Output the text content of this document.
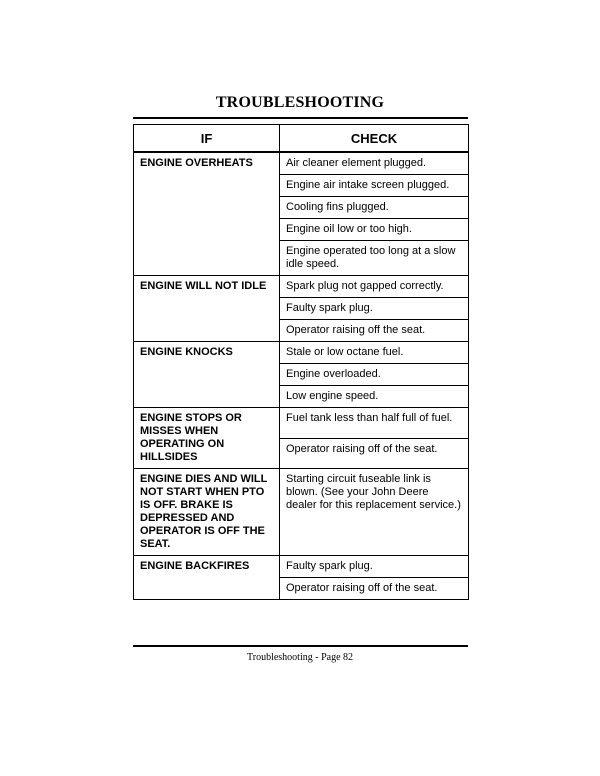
TROUBLESHOOTING
IF	CHECK
ENGINE OVERHEATS	Air cleaner element plugged.
	Engine air intake screen plugged.
	Cooling fins plugged.
	Engine oil low or too high.
	Engine operated too long at a slow idle speed.
ENGINE WILL NOT IDLE	Spark plug not gapped correctly.
	Faulty spark plug.
	Operator raising off the seat.
ENGINE KNOCKS	Stale or low octane fuel.
	Engine overloaded.
	Low engine speed.
ENGINE STOPS OR MISSES WHEN OPERATING ON HILLSIDES	Fuel tank less than half full of fuel.
	Operator raising off of the seat.
ENGINE DIES AND WILL NOT START WHEN PTO IS OFF. BRAKE IS DEPRESSED AND OPERATOR IS OFF THE SEAT.	Starting circuit fuseable link is blown. (See your John Deere dealer for this replacement service.)
ENGINE BACKFIRES	Faulty spark plug.
	Operator raising off of the seat.
Troubleshooting - Page 82
